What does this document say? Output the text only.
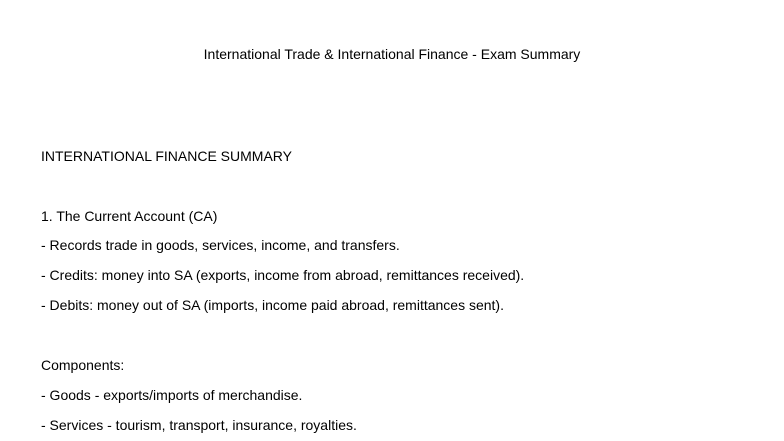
International Trade & International Finance - Exam Summary
INTERNATIONAL FINANCE SUMMARY
1. The Current Account (CA)
- Records trade in goods, services, income, and transfers.
- Credits: money into SA (exports, income from abroad, remittances received).
- Debits: money out of SA (imports, income paid abroad, remittances sent).
Components:
- Goods - exports/imports of merchandise.
- Services - tourism, transport, insurance, royalties.
